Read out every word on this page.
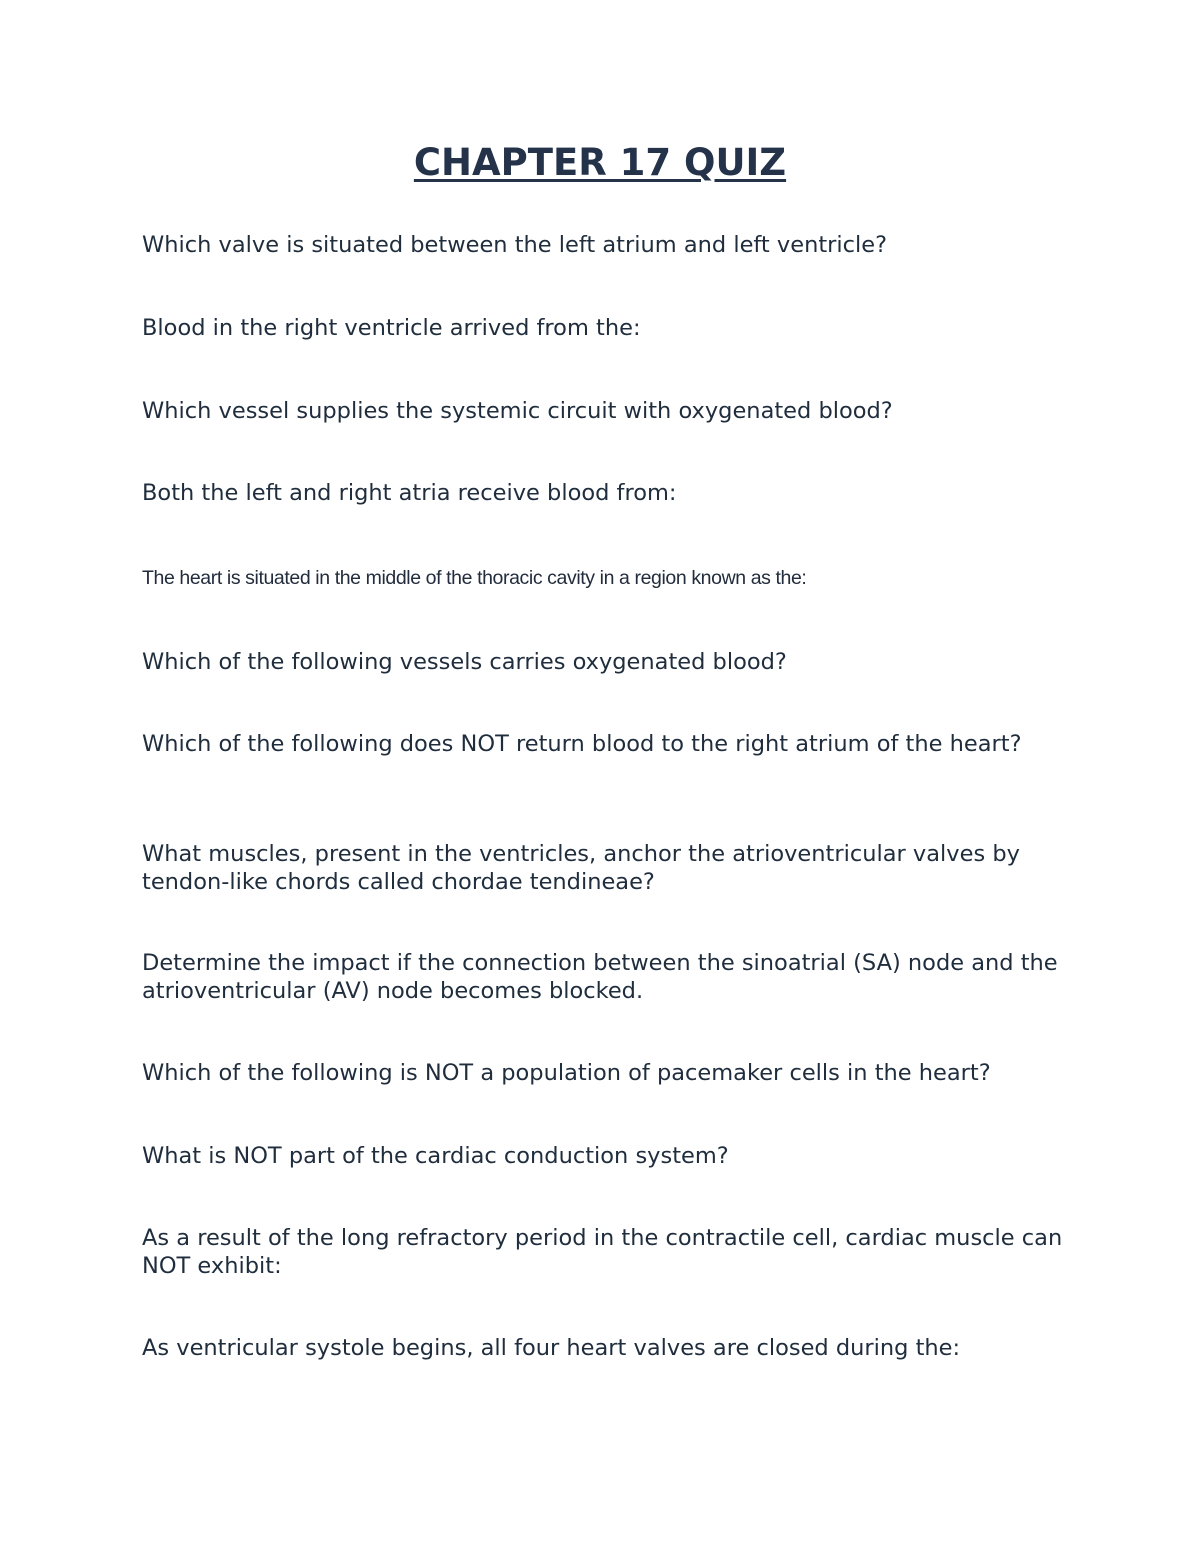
CHAPTER 17 QUIZ

Which valve is situated between the left atrium and left ventricle?

Blood in the right ventricle arrived from the:

Which vessel supplies the systemic circuit with oxygenated blood?

Both the left and right atria receive blood from:

The heart is situated in the middle of the thoracic cavity in a region known as the:

Which of the following vessels carries oxygenated blood?

Which of the following does NOT return blood to the right atrium of the heart?

What muscles, present in the ventricles, anchor the atrioventricular valves by tendon-like chords called chordae tendineae?

Determine the impact if the connection between the sinoatrial (SA) node and the atrioventricular (AV) node becomes blocked.

Which of the following is NOT a population of pacemaker cells in the heart?

What is NOT part of the cardiac conduction system?

As a result of the long refractory period in the contractile cell, cardiac muscle can NOT exhibit:

As ventricular systole begins, all four heart valves are closed during the:
